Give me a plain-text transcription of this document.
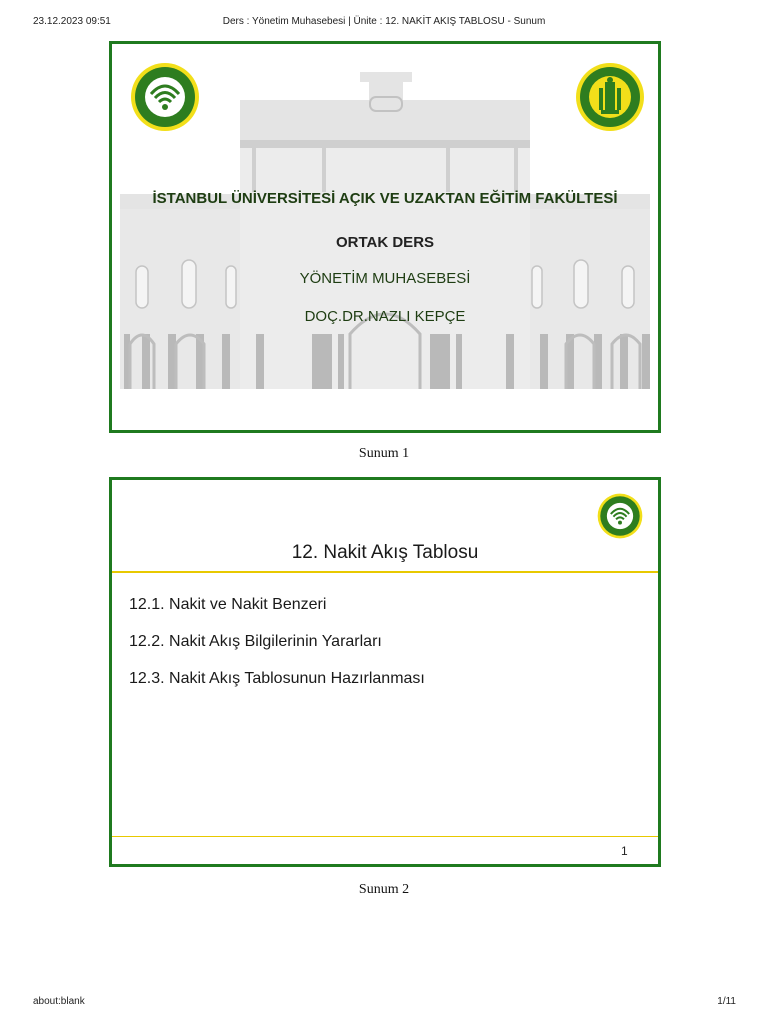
23.12.2023 09:51	Ders : Yönetim Muhasebesi | Ünite : 12. NAKİT AKIŞ TABLOSU - Sunum
İSTANBUL ÜNİVERSİTESİ AÇIK VE UZAKTAN EĞİTİM FAKÜLTESİ
ORTAK DERS
YÖNETİM MUHASEBESİ
DOÇ.DR.NAZLI KEPÇE
Sunum 1
12. Nakit Akış Tablosu
12.1. Nakit ve Nakit Benzeri
12.2. Nakit Akış Bilgilerinin Yararları
12.3. Nakit Akış Tablosunun Hazırlanması
1
Sunum 2
about:blank	1/11
